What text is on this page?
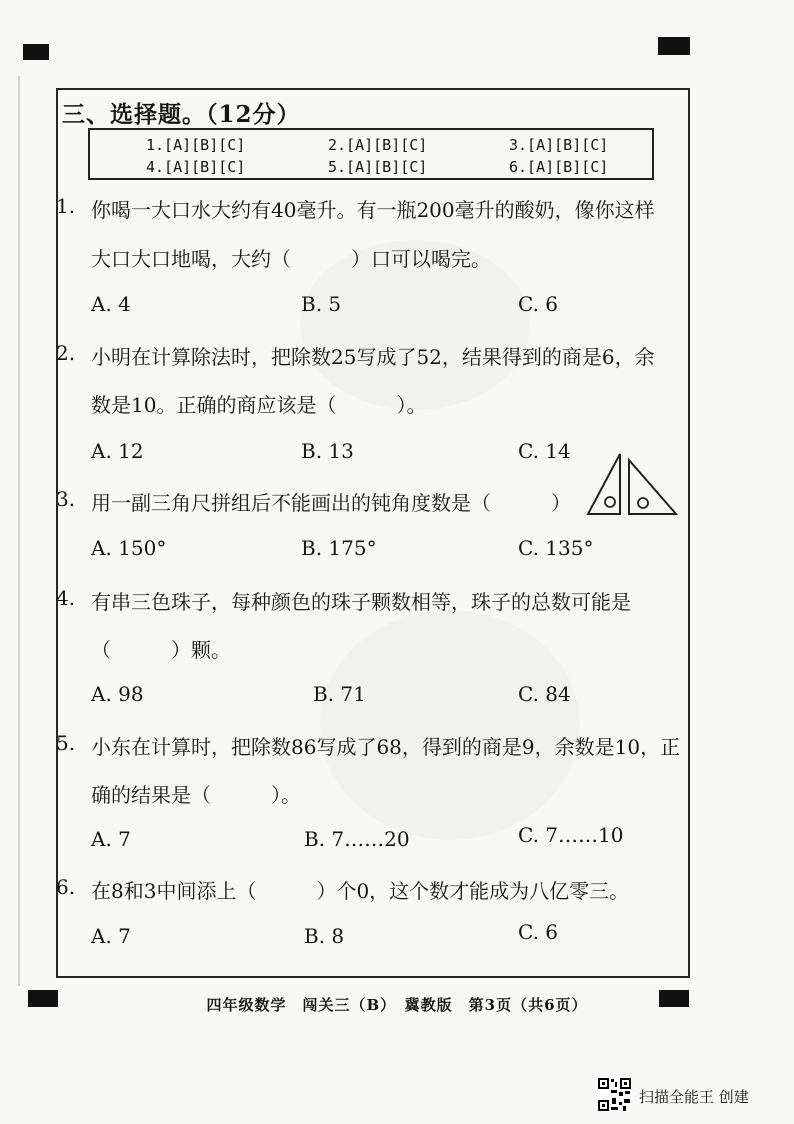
三、选择题。（12分）
1.[A][B][C]	2.[A][B][C]	3.[A][B][C]
4.[A][B][C]	5.[A][B][C]	6.[A][B][C]
1. 你喝一大口水大约有40毫升。有一瓶200毫升的酸奶，像你这样
大口大口地喝，大约（　　　）口可以喝完。
A. 4	B. 5	C. 6
2. 小明在计算除法时，把除数25写成了52，结果得到的商是6，余
数是10。正确的商应该是（　　　）。
A. 12	B. 13	C. 14
3. 用一副三角尺拼组后不能画出的钝角度数是（　　　）
A. 150°	B. 175°	C. 135°
4. 有串三色珠子，每种颜色的珠子颗数相等，珠子的总数可能是
（　　　）颗。
A. 98	B. 71	C. 84
5. 小东在计算时，把除数86写成了68，得到的商是9，余数是10，正
确的结果是（　　　）。
A. 7	B. 7……20	C. 7……10
6. 在8和3中间添上（　　　）个0，这个数才能成为八亿零三。
A. 7	B. 8	C. 6
四年级数学　闯关三（B）　冀教版　第3页（共6页）
扫描全能王 创建
